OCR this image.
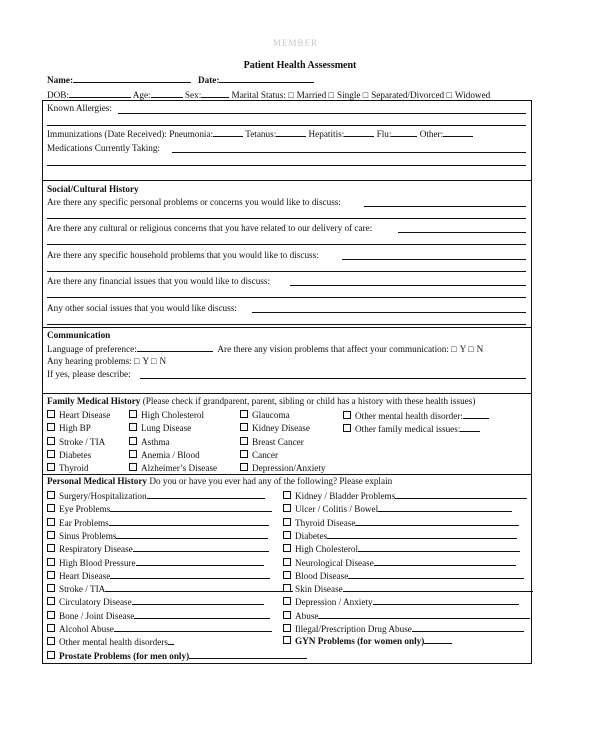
MEMBER
Patient Health Assessment
Name:	Date:
DOB:	Age:	Sex:	Marital Status: □ Married □ Single □ Separated/Divorced □ Widowed
Known Allergies:
Immunizations (Date Received): Pneumonia:	Tetanus:	Hepatitis:	Flu:	Other:
Medications Currently Taking:
Social/Cultural History
Are there any specific personal problems or concerns you would like to discuss:
Are there any cultural or religious concerns that you have related to our delivery of care:
Are there any specific household problems that you would like to discuss:
Are there any financial issues that you would like to discuss:
Any other social issues that you would like discuss:
Communication
Language of preference:	Are there any vision problems that affect your communication: □ Y □ N
Any hearing problems: □ Y □ N
If yes, please describe:
Family Medical History (Please check if grandparent, parent, sibling or child has a history with these health issues)
Heart Disease
High BP
Stroke / TIA
Diabetes
Thyroid
High Cholesterol
Lung Disease
Asthma
Anemia / Blood
Alzheimer’s Disease
Glaucoma
Kidney Disease
Breast Cancer
Cancer
Depression/Anxiety
Other mental health disorder:
Other family medical issues:
Personal Medical History Do you or have you ever had any of the following? Please explain
Surgery/Hospitalization
Eye Problems
Ear Problems
Sinus Problems
Respiratory Disease
High Blood Pressure
Heart Disease
Stroke / TIA
Circulatory Disease
Bone / Joint Disease
Alcohol Abuse
Other mental health disorders
Kidney / Bladder Problems
Ulcer / Colitis / Bowel
Thyroid Disease
Diabetes
High Cholesterol
Neurological Disease
Blood Disease
Skin Disease
Depression / Anxiety
Abuse
Illegal/Prescription Drug Abuse
GYN Problems (for women only)
Prostate Problems (for men only)
